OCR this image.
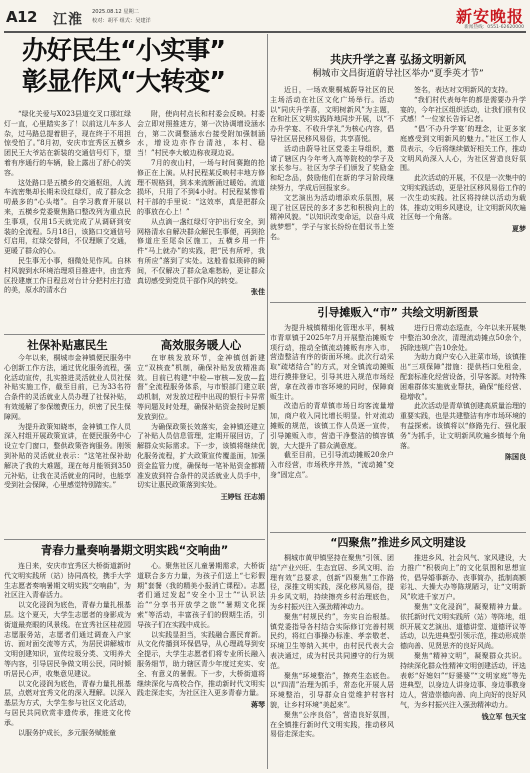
A12 江淮 2025.08.12 星期二
校对：胡平 组式：吴建洋	新安晚报
新闻热线：0551-62620000
办好民生“小实事”
彰显作风“大转变”

“绿化关爱与X023县道交叉口那红绿灯一直，心里踏实多了！以前这儿车多人杂，过马路总提着胆子，现在终于不用担惊受怕了。”8月初，安庆市宜秀区五横乡团民王大爷站在新装的交通信号灯下，望着有序通行的车辆，脸上露出了舒心的笑容。

这处路口是五横乡的交通枢纽，人流车流密集却长期未设红绿灯，成了群众念叨最多的“心头堵”。自学习教育开展以来，五横乡党委聚焦路口整改列为重点民生事项，仅用15天就完成了从调研到安装的全流程。5月18日，该路口交通信号灯启用，红绿交替间，不仅理顺了交通，更暖了群众的心。

民生事无小事，细微处见作风。自林村风貌到水环境治理项目推进中，由宜秀区投建康工作日程总对台计分把村庄打造的美，原水的清水台

附，使向村点长和村委会反映。村委会立即对照推进方，第一次协调增设涵水台，第二次调整涵水台接受附加强制涵水，增设边亦作台清池，本村、稳当！”村民李大敏边称夜现边说。

7月的夜山村，一场与时间赛跑的抢修正在上演。从村民程某反映村丰地方修理不规格到，到本来流断涌过暖始。流道损坏，只用了不到4小时。村民程某惨看村干部的手里说：“这效率，真是把群众的事放在心上！”

从点滴一盏红绿灯守护出行安全，到网格清水自解决群众解民生事便，再到抢修道庄至尾杂区施工，五横乡用一件件“马上就办”的实践，把“民有所呼，我有所应”落到了实处。这般看似琐碎的瞬间，不仅解决了群众急难愁盼，更让群众真切感受到党员干部作风的转变。

张佳
社保补贴惠民生

今年以来，桐城市金神镇便民服务中心创新工作方法，通过优化服务流程，强化活动宣传，扎实推进灵活就业人员社保补贴实施工作，截至目前，已为33名符合条件的灵活就业人员办理了社保补贴，有效缓解了参保缴费压力，织密了民生保障网。

为提升政策知晓率，金神镇工作人员深入村组开展政策宣讲，在便民服务中心设立专门窗口，整供政策咨询服务。刚领到补贴的灵活就业表示：“这笔社保补助解决了我的大难题，现在每月能领到350元补贴，让我在灵活就业的同时，也能享受到社会保障，心里感觉特别踏实。”

高效服务暖人心

在审核发放环节，金神镇创新建立“双核查”机制，确保补贴发放精准高效。目前已构建“中检—审核—发放—监督”全流程服务体系，与市银部门建立联动机制，对发放过程中出现的银行卡异常等问题及时处理，确保补贴资金按时足额发放到位。

为确保政策长效落实，金神镇还建立了补贴人员信息管理，定期开展回访，了解群众实际需求。下一步，该镇将继续优化服务流程，扩大政策宣传覆盖面，加强资金监管力度，确保每一笔补贴资金都精准发放到符合条件的灵活就业人员手中，切实让惠民政策落到实处。

王婷钰 汪志娟
青春力量奏响暑期文明实践“交响曲”

连日来，安庆市宜秀区大桥街道新时代文明实践所（站）协同高校，携手大学生志愿者奏响暑期文明实践“交响曲”，为社区注入青春活力。

以文化浸润为底色，青春力量扎根基层。这个夏天，大学生志愿者的身影成为街道最亮眼的风景线。在宜秀社区桂花园志愿服务站，志愿者们通过调查入户家访、面对面交流等方式，为居民讲解城市文明创建知识，宣传垃圾分类、文明养犬等内容，引导居民争做文明公民，同时倾听居民心声，收集意见建议。

以文化浸润为底色，青春力量扎根基层，点燃对宜秀文化的深入理解。以深入基层为方式，大学生参与社区文化活动，与居民共同欣赏非遗传承，推进文化传承。

以服务护成长，多元服务赋能童

心。聚焦社区儿童暑期需求，大桥街道联合多方力量，为孩子们送上“七彩假期”套餐（我的精美小报消亡课程）。志愿者们通过发起“安全小卫士”“认识法治”“分享书开放学之旅”“暑期文化探索”等活动，丰富孩子们的假期生活，引导孩子们在实践中成长。

以实践显担当，实践融合惠民育新。从文化传播到环保倡导，从心理疏导到安全提示，大学生志愿者们将专业所长融入服务细节，助力辖区青少年度过充实、安全、有意义的暑假。下一步，大桥街道将继续深化与高校合作，推动新时代文明实践走深走实，为社区注入更多青春力量。

蒋琴
共庆升学之喜 弘扬文明新风
桐城市文昌街道蔚导社区举办“夏季英才节”

近日，一场欢聚桐城蔚导社区的民主场活动在社区文化广场举行。活动以“同庆升学喜，文明树新风”为主题，在和社区文明实践阵地同步开展，以“不办升学宴、不收升学礼”为核心内容，倡导社区居民移风易俗，共享喜悦。

活动由蔚导社区党委主导组织，邀请了辖区内今年考入高等院校的学子及家长参与。社区为学子们颁发了奖励金和纪念品，鼓励他们在新的学习阶段继续努力，学成后回报家乡。

文艺演出为活动增添欢乐氛围，展现了社区居民的多才多艺和积极向上的精神风貌。“以知识改变命运，以奋斗成就梦想”，学子与家长纷纷在倡议书上签名。

签名，表达对文明新风的支持。

“我们村代表每年的都是需要办升学宴的，今年社区组织活动，让我们很有仪式感！”一位家长告诉记者。

“倡‘不办升学宴’的理念，让更多家庭感受到文明新风的魅力。”社区工作人员表示，今后将继续做好相关工作，推动文明风尚深入人心，为社区营造良好氛围。

此次活动的开展，不仅是一次集中的文明实践活动，更是社区移风易俗工作的一次生动实践。社区将持续以活动为载体，推动文明乡风建设，让文明新风吹遍社区每一个角落。

夏梦
引导摊贩入“市” 共绘文明新图景

为提升城镇精细化管理水平，桐城市青草镇于2025年7月开展整治摊贩专项行动，推动全镇流动摊贩有序入市，营造整洁有序的街面环境。此次行动采取“疏堵结合”的方式，对全镇流动摊贩进行摸排登记，引导其进入规范市场经营，拿在改善市容环境的同时，保障商贩生计。

改造后的青草镇市场日均客流量增加，商户收入同比增长明显。针对流动摊贩的规范，该镇工作人员逐一宣传，引导摊贩入市，营造干净整洁的镇容镇貌，大大提升了群众满意度。

截至目前，已引导流动摊贩20余户入市经营，市场秩序井然，“流动摊”变身“固定点”。

进行日常动态巡查，今年以来开展集中整治30余次，清理流动摊点50余个，拆除违规广告10余处。

为助力商户安心入驻菜市场，该镇推出“三项保障”措施：提供档口免租金，配套标准化经营设备，引导客源。对特殊困难群体实施就业帮扶，确保“能经营、稳增收”。

此次活动是青草镇创建高质量治理的重要实践，也是共建整洁有序市场环境的有益探索。该镇将以“修路先行、强化服务”为抓手，让文明新风吹遍乡镇每个角落。

陈国良
“四聚焦”推进乡风文明建设

桐城市黄甲镇坚持在聚焦“引领、团结”产业兴旺、生态宜居、乡风文明、治理有效”总要求，创新“四聚焦”工作路径，深推文明实践，深化移风易俗，提升乡风文明，持续擦亮乡村治理底色，为乡村振兴注入强劲精神动力。

聚焦“村规民约”，夯实自治根基。镇党委指导各村结合实际修订完善村规民约，将红白事操办标准、孝亲敬老、环境卫生等纳入其中，由村民代表大会表决通过，成为村民共同遵守的行为规范。

聚焦“环境整治”，擦亮生态底色。以“四清”治理为抓手，常态化开展人居环境整治，引导群众自觉维护村容村貌，让乡村环境“美起来”。

聚焦“公序良俗”，营造良好氛围，在全镇推行新时代文明实践，推动移风易俗走深走实。

推进乡风、社会风气、家风建设，大力推广“积极向上”的文化氛围和思想宣传，倡导婚事新办、丧事简办，抵制高额彩礼、大操大办等陈规陋习，让“文明新风”吹进千家万户。

聚焦“文化浸润”，凝聚精神力量。依托新时代文明实践所（站）等阵地，组织开展文艺演出、道德讲堂、道德评议等活动，以先进典型引领示范，推动形成崇德向善、见贤思齐的良好风尚。

聚焦“精神文明”，凝聚群众共识。持续深化群众性精神文明创建活动，评选表彰“好媳妇”“好婆婆”“文明家庭”等先进典型，以身边人讲身边事、身边事教身边人，营造崇德向善、向上向好的良好风气，为乡村振兴注入强劲精神动力。

钱立军 包天宝
